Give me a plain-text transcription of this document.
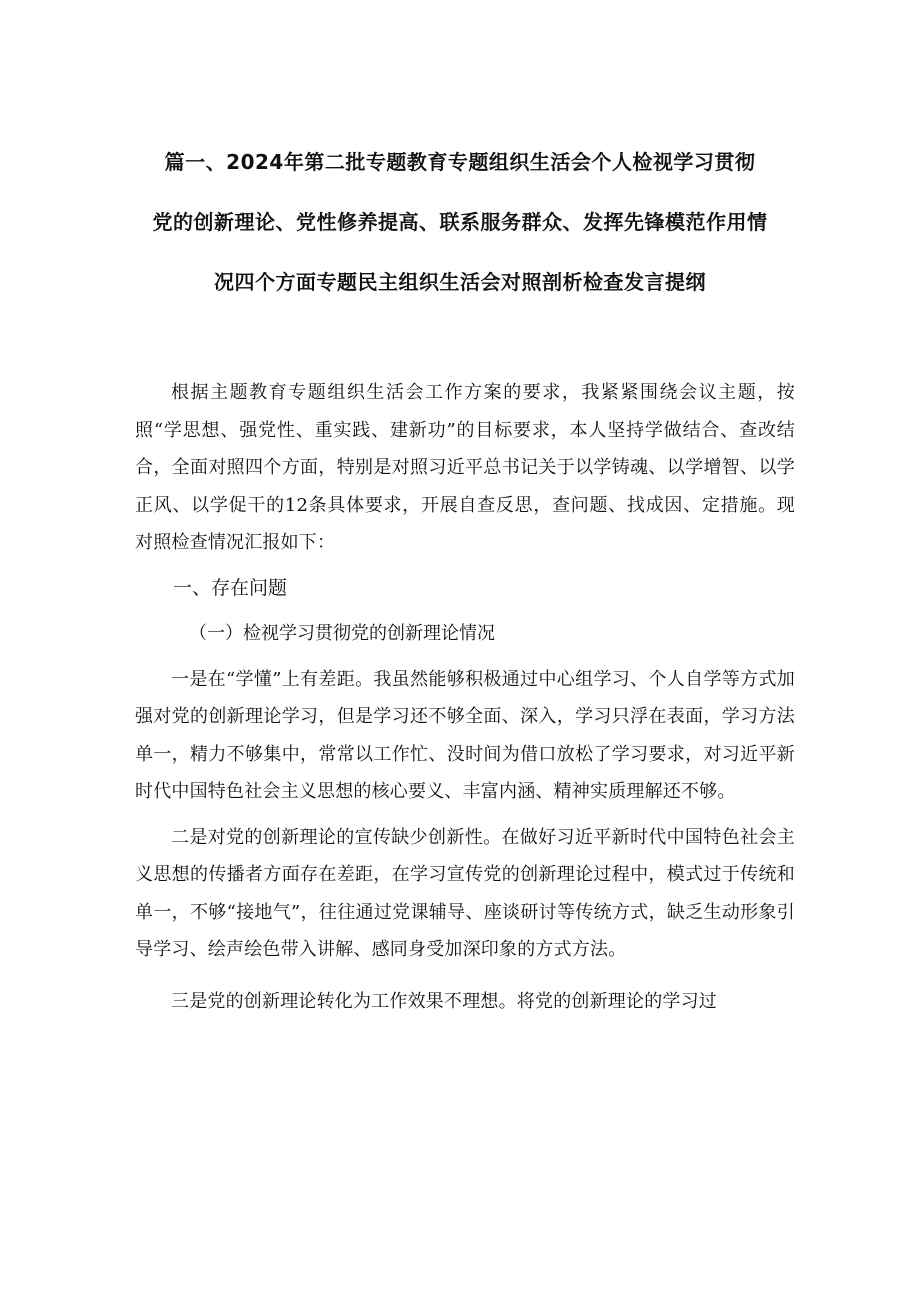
篇一、2024年第二批专题教育专题组织生活会个人检视学习贯彻
党的创新理论、党性修养提高、联系服务群众、发挥先锋模范作用情
况四个方面专题民主组织生活会对照剖析检查发言提纲

根据主题教育专题组织生活会工作方案的要求，我紧紧围绕会议主题，按照“学思想、强党性、重实践、建新功”的目标要求，本人坚持学做结合、查改结合，全面对照四个方面，特别是对照习近平总书记关于以学铸魂、以学增智、以学正风、以学促干的12条具体要求，开展自查反思，查问题、找成因、定措施。现对照检查情况汇报如下：

一、存在问题

（一）检视学习贯彻党的创新理论情况

一是在“学懂”上有差距。我虽然能够积极通过中心组学习、个人自学等方式加强对党的创新理论学习，但是学习还不够全面、深入，学习只浮在表面，学习方法单一，精力不够集中，常常以工作忙、没时间为借口放松了学习要求，对习近平新时代中国特色社会主义思想的核心要义、丰富内涵、精神实质理解还不够。

二是对党的创新理论的宣传缺少创新性。在做好习近平新时代中国特色社会主义思想的传播者方面存在差距，在学习宣传党的创新理论过程中，模式过于传统和单一，不够“接地气”，往往通过党课辅导、座谈研讨等传统方式，缺乏生动形象引导学习、绘声绘色带入讲解、感同身受加深印象的方式方法。

三是党的创新理论转化为工作效果不理想。将党的创新理论的学习过
